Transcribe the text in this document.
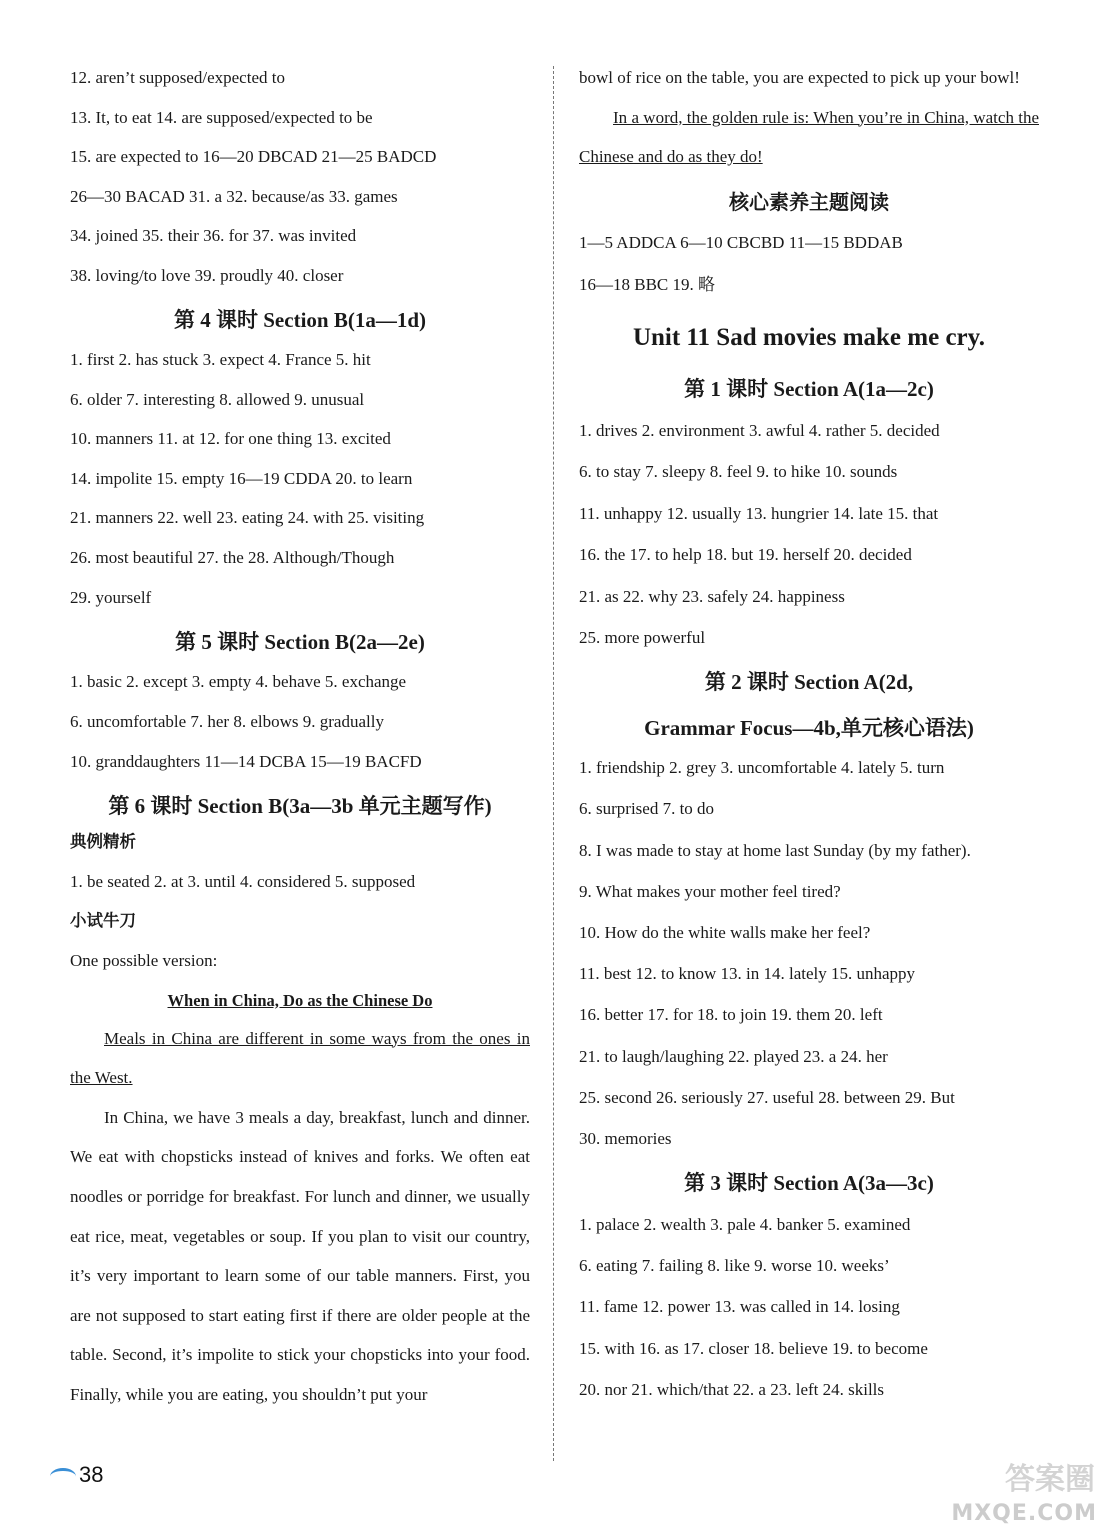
12. aren’t supposed/expected to
13. It, to eat 14. are supposed/expected to be
15. are expected to 16—20 DBCAD 21—25 BADCD
26—30 BACAD 31. a 32. because/as 33. games
34. joined 35. their 36. for 37. was invited
38. loving/to love 39. proudly 40. closer
第 4 课时 Section B(1a—1d)
1. first 2. has stuck 3. expect 4. France 5. hit
6. older 7. interesting 8. allowed 9. unusual
10. manners 11. at 12. for one thing 13. excited
14. impolite 15. empty 16—19 CDDA 20. to learn
21. manners 22. well 23. eating 24. with 25. visiting
26. most beautiful 27. the 28. Although/Though
29. yourself
第 5 课时 Section B(2a—2e)
1. basic 2. except 3. empty 4. behave 5. exchange
6. uncomfortable 7. her 8. elbows 9. gradually
10. granddaughters 11—14 DCBA 15—19 BACFD
第 6 课时 Section B(3a—3b 单元主题写作)
典例精析
1. be seated 2. at 3. until 4. considered 5. supposed
小试牛刀
One possible version:
When in China, Do as the Chinese Do
Meals in China are different in some ways from the ones in the West.
In China, we have 3 meals a day, breakfast, lunch and dinner. We eat with chopsticks instead of knives and forks. We often eat noodles or porridge for breakfast. For lunch and dinner, we usually eat rice, meat, vegetables or soup. If you plan to visit our country, it’s very important to learn some of our table manners. First, you are not supposed to start eating first if there are older people at the table. Second, it’s impolite to stick your chopsticks into your food. Finally, while you are eating, you shouldn’t put your
bowl of rice on the table, you are expected to pick up your bowl!
In a word, the golden rule is: When you’re in China, watch the Chinese and do as they do!
核心素养主题阅读
1—5 ADDCA 6—10 CBCBD 11—15 BDDAB
16—18 BBC 19. 略
Unit 11 Sad movies make me cry.
第 1 课时 Section A(1a—2c)
1. drives 2. environment 3. awful 4. rather 5. decided
6. to stay 7. sleepy 8. feel 9. to hike 10. sounds
11. unhappy 12. usually 13. hungrier 14. late 15. that
16. the 17. to help 18. but 19. herself 20. decided
21. as 22. why 23. safely 24. happiness
25. more powerful
第 2 课时 Section A(2d,
Grammar Focus—4b,单元核心语法)
1. friendship 2. grey 3. uncomfortable 4. lately 5. turn
6. surprised 7. to do
8. I was made to stay at home last Sunday (by my father).
9. What makes your mother feel tired?
10. How do the white walls make her feel?
11. best 12. to know 13. in 14. lately 15. unhappy
16. better 17. for 18. to join 19. them 20. left
21. to laugh/laughing 22. played 23. a 24. her
25. second 26. seriously 27. useful 28. between 29. But
30. memories
第 3 课时 Section A(3a—3c)
1. palace 2. wealth 3. pale 4. banker 5. examined
6. eating 7. failing 8. like 9. worse 10. weeks’
11. fame 12. power 13. was called in 14. losing
15. with 16. as 17. closer 18. believe 19. to become
20. nor 21. which/that 22. a 23. left 24. skills
38	答案圈
MXQE.COM
